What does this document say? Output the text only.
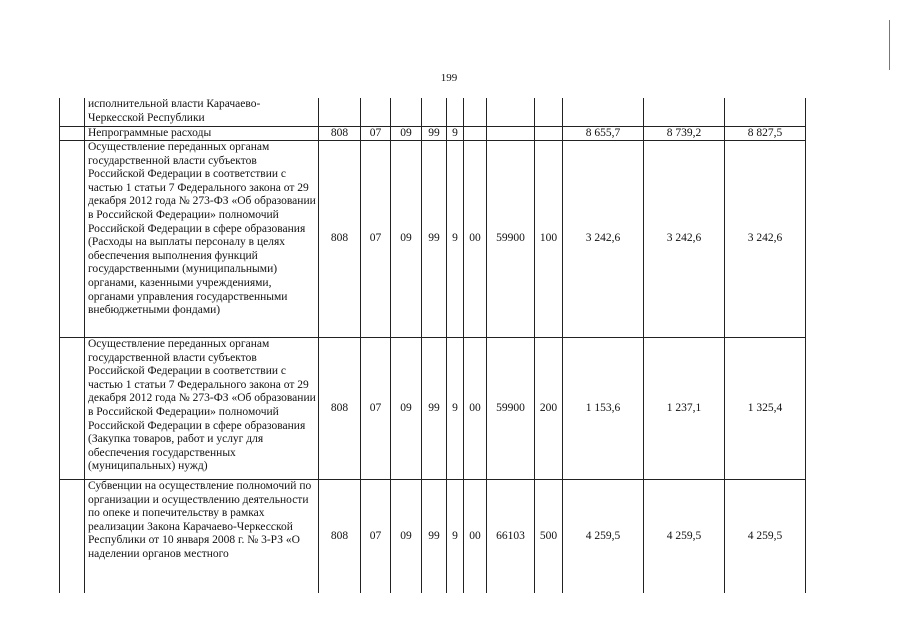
199
	исполнительной власти Карачаево-Черкесской Республики											
	Непрограммные расходы	808	07	09	99	9				8 655,7	8 739,2	8 827,5
	Осуществление переданных органам государственной власти субъектов Российской Федерации в соответствии с частью 1 статьи 7 Федерального закона от 29 декабря 2012 года № 273-ФЗ «Об образовании в Российской Федерации» полномочий Российской Федерации в сфере образования (Расходы на выплаты персоналу в целях обеспечения выполнения функций государственными (муниципальными) органами, казенными учреждениями, органами управления государственными внебюджетными фондами)	808	07	09	99	9	00	59900	100	3 242,6	3 242,6	3 242,6
	Осуществление переданных органам государственной власти субъектов Российской Федерации в соответствии с частью 1 статьи 7 Федерального закона от 29 декабря 2012 года № 273-ФЗ «Об образовании в Российской Федерации» полномочий Российской Федерации в сфере образования (Закупка товаров, работ и услуг для обеспечения государственных (муниципальных) нужд)	808	07	09	99	9	00	59900	200	1 153,6	1 237,1	1 325,4
	Субвенции на осуществление полномочий по организации и осуществлению деятельности по опеке и попечительству в рамках реализации Закона Карачаево-Черкесской Республики от 10 января 2008 г. № 3-РЗ «О наделении органов местного	808	07	09	99	9	00	66103	500	4 259,5	4 259,5	4 259,5
